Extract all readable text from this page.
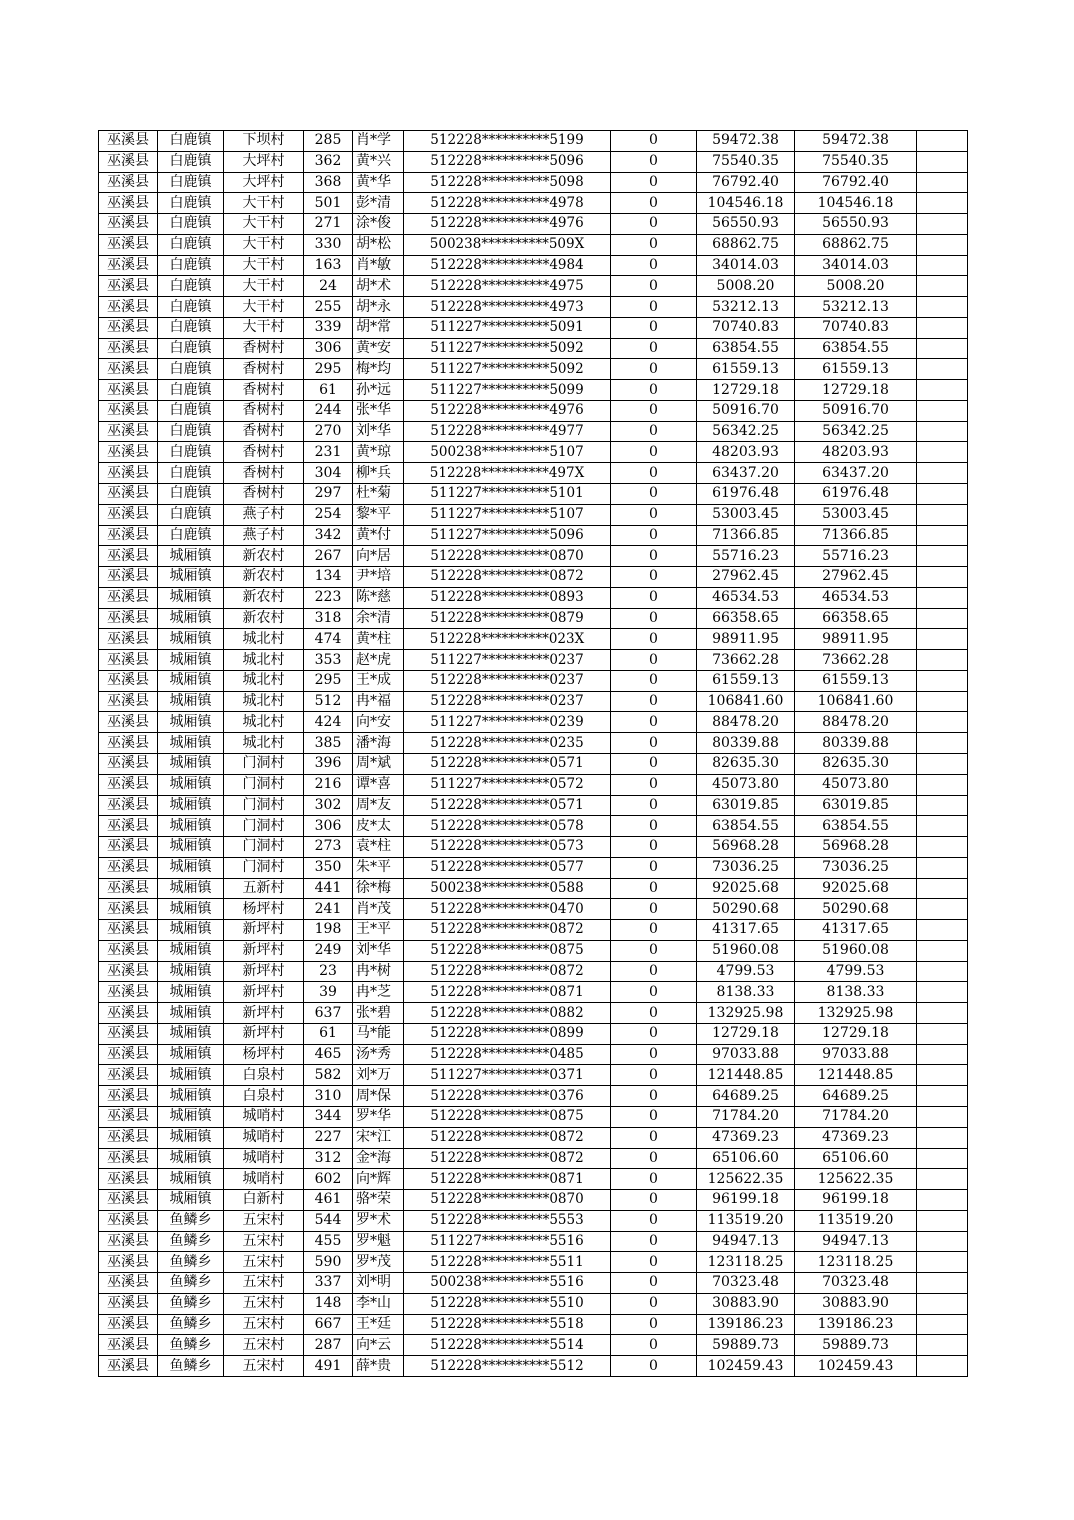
巫溪县	白鹿镇	下坝村	285	肖*学	512228**********5199	0	59472.38	59472.38	
巫溪县	白鹿镇	大坪村	362	黄*兴	512228**********5096	0	75540.35	75540.35	
巫溪县	白鹿镇	大坪村	368	黄*华	512228**********5098	0	76792.40	76792.40	
巫溪县	白鹿镇	大干村	501	彭*清	512228**********4978	0	104546.18	104546.18	
巫溪县	白鹿镇	大干村	271	涂*俊	512228**********4976	0	56550.93	56550.93	
巫溪县	白鹿镇	大干村	330	胡*松	500238**********509X	0	68862.75	68862.75	
巫溪县	白鹿镇	大干村	163	肖*敏	512228**********4984	0	34014.03	34014.03	
巫溪县	白鹿镇	大干村	24	胡*术	512228**********4975	0	5008.20	5008.20	
巫溪县	白鹿镇	大干村	255	胡*永	512228**********4973	0	53212.13	53212.13	
巫溪县	白鹿镇	大干村	339	胡*常	511227**********5091	0	70740.83	70740.83	
巫溪县	白鹿镇	香树村	306	黄*安	511227**********5092	0	63854.55	63854.55	
巫溪县	白鹿镇	香树村	295	梅*均	511227**********5092	0	61559.13	61559.13	
巫溪县	白鹿镇	香树村	61	孙*远	511227**********5099	0	12729.18	12729.18	
巫溪县	白鹿镇	香树村	244	张*华	512228**********4976	0	50916.70	50916.70	
巫溪县	白鹿镇	香树村	270	刘*华	512228**********4977	0	56342.25	56342.25	
巫溪县	白鹿镇	香树村	231	黄*琼	500238**********5107	0	48203.93	48203.93	
巫溪县	白鹿镇	香树村	304	柳*兵	512228**********497X	0	63437.20	63437.20	
巫溪县	白鹿镇	香树村	297	杜*菊	511227**********5101	0	61976.48	61976.48	
巫溪县	白鹿镇	燕子村	254	黎*平	511227**********5107	0	53003.45	53003.45	
巫溪县	白鹿镇	燕子村	342	黄*付	511227**********5096	0	71366.85	71366.85	
巫溪县	城厢镇	新农村	267	向*居	512228**********0870	0	55716.23	55716.23	
巫溪县	城厢镇	新农村	134	尹*培	512228**********0872	0	27962.45	27962.45	
巫溪县	城厢镇	新农村	223	陈*慈	512228**********0893	0	46534.53	46534.53	
巫溪县	城厢镇	新农村	318	余*清	512228**********0879	0	66358.65	66358.65	
巫溪县	城厢镇	城北村	474	黄*柱	512228**********023X	0	98911.95	98911.95	
巫溪县	城厢镇	城北村	353	赵*虎	511227**********0237	0	73662.28	73662.28	
巫溪县	城厢镇	城北村	295	王*成	512228**********0237	0	61559.13	61559.13	
巫溪县	城厢镇	城北村	512	冉*福	512228**********0237	0	106841.60	106841.60	
巫溪县	城厢镇	城北村	424	向*安	511227**********0239	0	88478.20	88478.20	
巫溪县	城厢镇	城北村	385	潘*海	512228**********0235	0	80339.88	80339.88	
巫溪县	城厢镇	门洞村	396	周*斌	512228**********0571	0	82635.30	82635.30	
巫溪县	城厢镇	门洞村	216	谭*喜	511227**********0572	0	45073.80	45073.80	
巫溪县	城厢镇	门洞村	302	周*友	512228**********0571	0	63019.85	63019.85	
巫溪县	城厢镇	门洞村	306	皮*太	512228**********0578	0	63854.55	63854.55	
巫溪县	城厢镇	门洞村	273	袁*柱	512228**********0573	0	56968.28	56968.28	
巫溪县	城厢镇	门洞村	350	朱*平	512228**********0577	0	73036.25	73036.25	
巫溪县	城厢镇	五新村	441	徐*梅	500238**********0588	0	92025.68	92025.68	
巫溪县	城厢镇	杨坪村	241	肖*茂	512228**********0470	0	50290.68	50290.68	
巫溪县	城厢镇	新坪村	198	王*平	512228**********0872	0	41317.65	41317.65	
巫溪县	城厢镇	新坪村	249	刘*华	512228**********0875	0	51960.08	51960.08	
巫溪县	城厢镇	新坪村	23	冉*树	512228**********0872	0	4799.53	4799.53	
巫溪县	城厢镇	新坪村	39	冉*芝	512228**********0871	0	8138.33	8138.33	
巫溪县	城厢镇	新坪村	637	张*碧	512228**********0882	0	132925.98	132925.98	
巫溪县	城厢镇	新坪村	61	马*能	512228**********0899	0	12729.18	12729.18	
巫溪县	城厢镇	杨坪村	465	汤*秀	512228**********0485	0	97033.88	97033.88	
巫溪县	城厢镇	白泉村	582	刘*万	511227**********0371	0	121448.85	121448.85	
巫溪县	城厢镇	白泉村	310	周*保	512228**********0376	0	64689.25	64689.25	
巫溪县	城厢镇	城哨村	344	罗*华	512228**********0875	0	71784.20	71784.20	
巫溪县	城厢镇	城哨村	227	宋*江	512228**********0872	0	47369.23	47369.23	
巫溪县	城厢镇	城哨村	312	金*海	512228**********0872	0	65106.60	65106.60	
巫溪县	城厢镇	城哨村	602	向*辉	512228**********0871	0	125622.35	125622.35	
巫溪县	城厢镇	白新村	461	骆*荣	512228**********0870	0	96199.18	96199.18	
巫溪县	鱼鳞乡	五宋村	544	罗*术	512228**********5553	0	113519.20	113519.20	
巫溪县	鱼鳞乡	五宋村	455	罗*魁	511227**********5516	0	94947.13	94947.13	
巫溪县	鱼鳞乡	五宋村	590	罗*茂	512228**********5511	0	123118.25	123118.25	
巫溪县	鱼鳞乡	五宋村	337	刘*明	500238**********5516	0	70323.48	70323.48	
巫溪县	鱼鳞乡	五宋村	148	李*山	512228**********5510	0	30883.90	30883.90	
巫溪县	鱼鳞乡	五宋村	667	王*廷	512228**********5518	0	139186.23	139186.23	
巫溪县	鱼鳞乡	五宋村	287	向*云	512228**********5514	0	59889.73	59889.73	
巫溪县	鱼鳞乡	五宋村	491	薛*贵	512228**********5512	0	102459.43	102459.43	
